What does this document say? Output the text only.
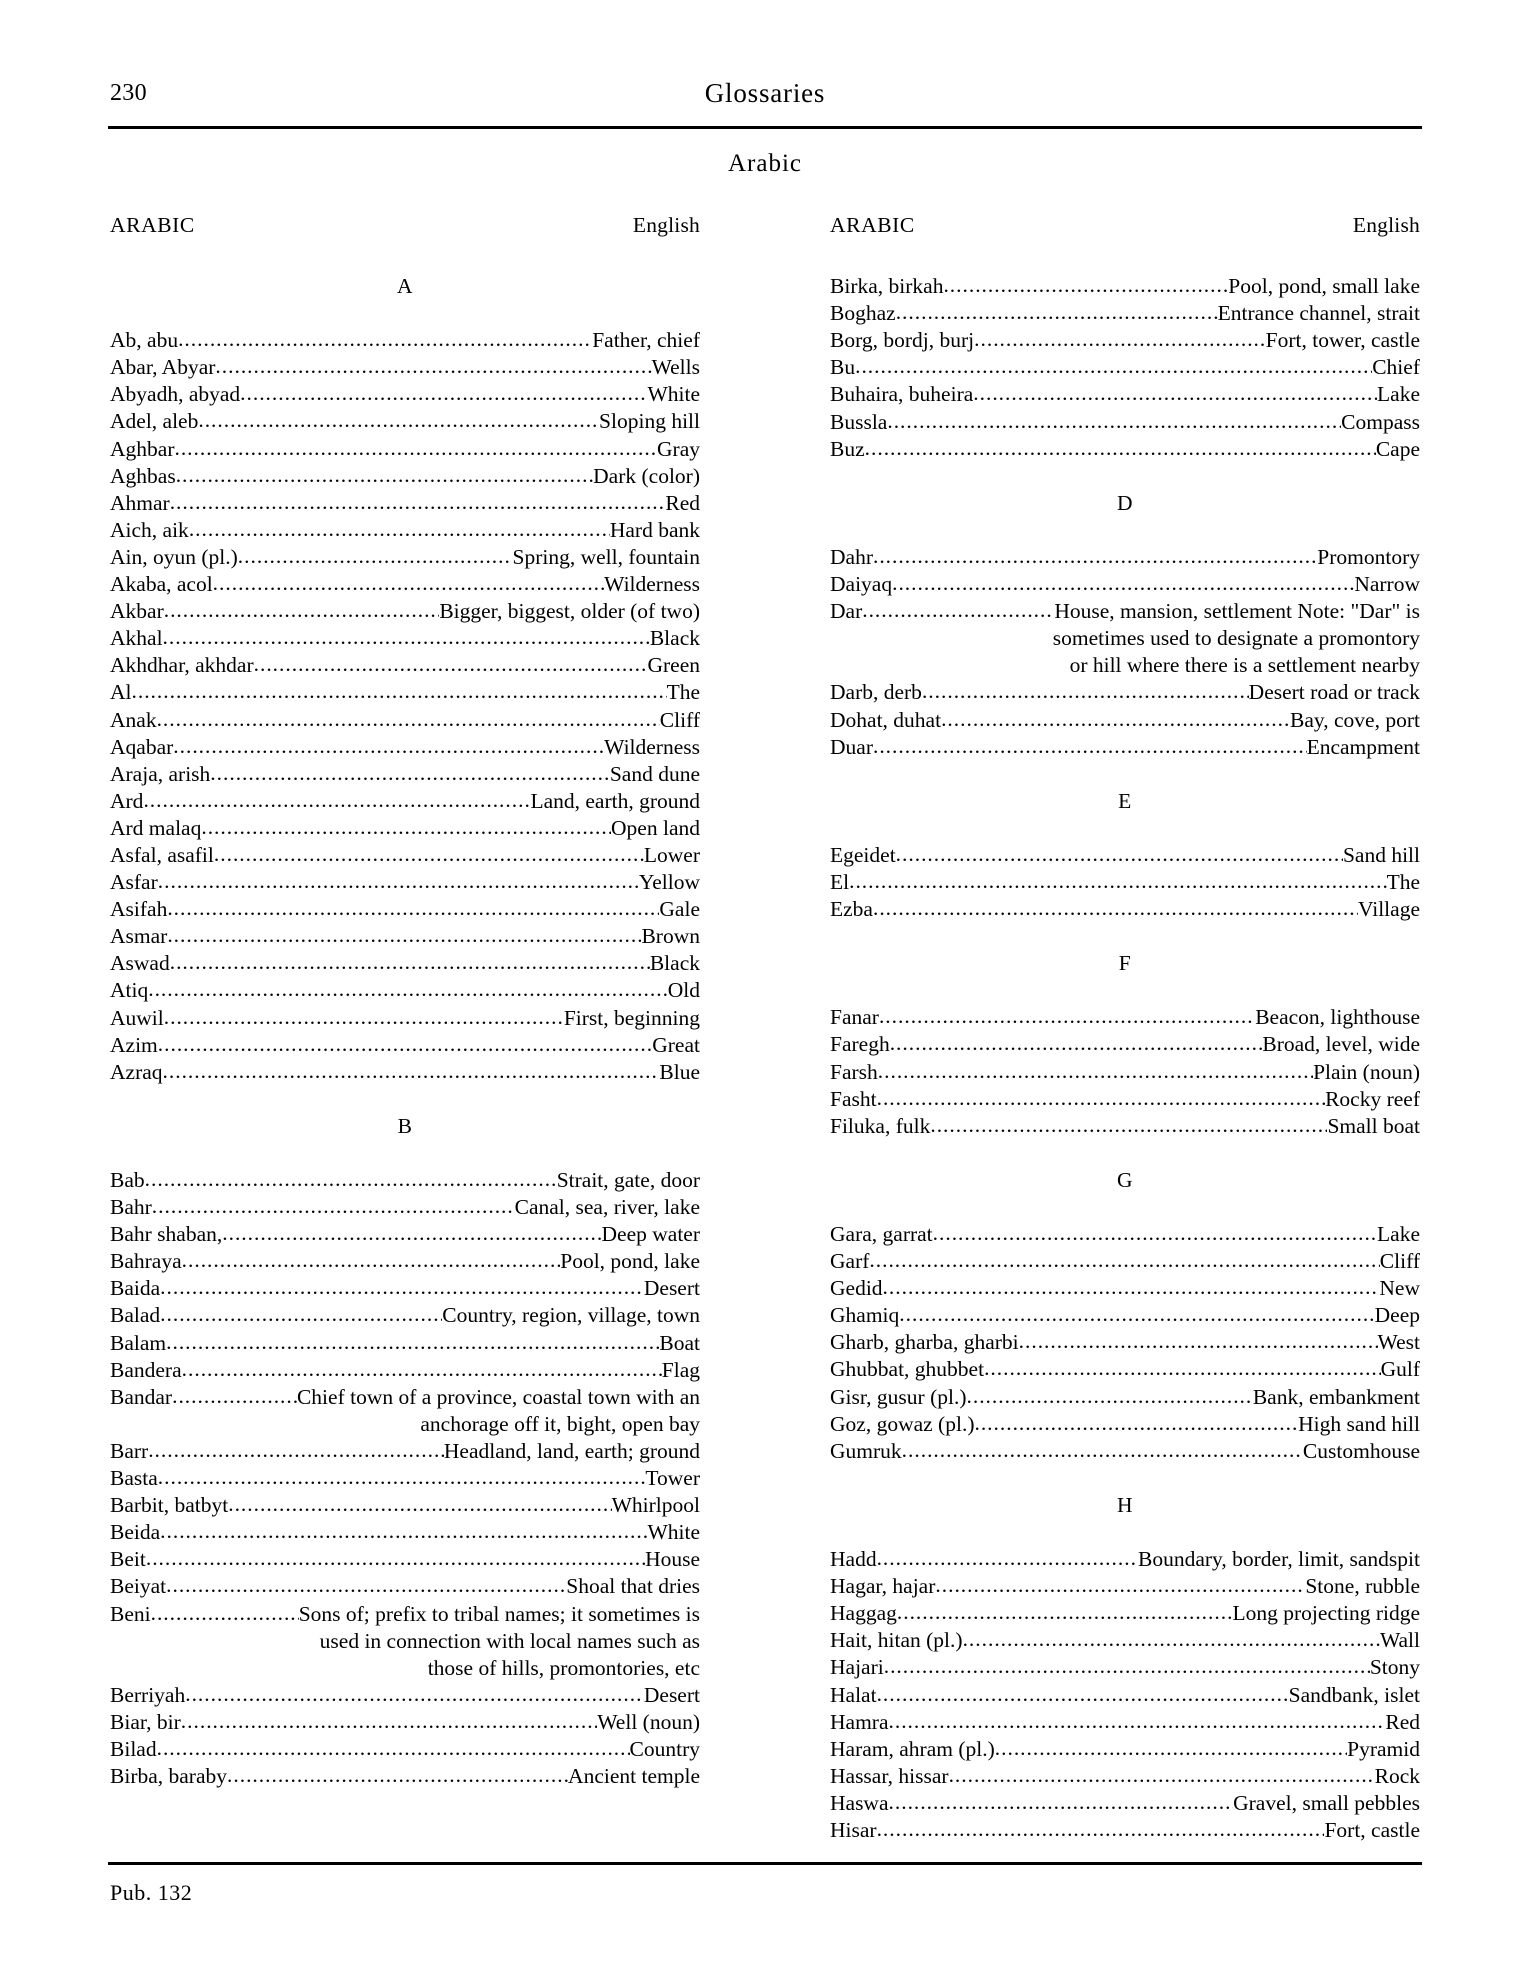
230	Glossaries
Arabic
ARABIC	English
A
Ab, abu . . .	Father, chief
Abar, Abyar . . .	Wells
Abyadh, abyad . . .	White
Adel, aleb . . .	Sloping hill
Aghbar . . .	Gray
Aghbas . . .	Dark (color)
Ahmar . . .	Red
Aich, aik . . .	Hard bank
Ain, oyun (pl.) . . .	Spring, well, fountain
Akaba, acol . . .	Wilderness
Akbar . . .	Bigger, biggest, older (of two)
Akhal . . .	Black
Akhdhar, akhdar . . .	Green
Al . . .	The
Anak . . .	Cliff
Aqabar . . .	Wilderness
Araja, arish . . .	Sand dune
Ard . . .	Land, earth, ground
Ard malaq . . .	Open land
Asfal, asafil . . .	Lower
Asfar . . .	Yellow
Asifah . . .	Gale
Asmar . . .	Brown
Aswad . . .	Black
Atiq . . .	Old
Auwil . . .	First, beginning
Azim . . .	Great
Azraq . . .	Blue
B
Bab . . .	Strait, gate, door
Bahr . . .	Canal, sea, river, lake
Bahr shaban, . . .	Deep water
Bahraya . . .	Pool, pond, lake
Baida . . .	Desert
Balad . . .	Country, region, village, town
Balam . . .	Boat
Bandera . . .	Flag
Bandar . . .	Chief town of a province, coastal town with an
anchorage off it, bight, open bay
Barr . . .	Headland, land, earth; ground
Basta . . .	Tower
Barbit, batbyt . . .	Whirlpool
Beida . . .	White
Beit . . .	House
Beiyat . . .	Shoal that dries
Beni . . .	Sons of; prefix to tribal names; it sometimes is
used in connection with local names such as
those of hills, promontories, etc
Berriyah . . .	Desert
Biar, bir . . .	Well (noun)
Bilad . . .	Country
Birba, baraby . . .	Ancient temple
ARABIC	English
Birka, birkah . . .	Pool, pond, small lake
Boghaz . . .	Entrance channel, strait
Borg, bordj, burj . . .	Fort, tower, castle
Bu . . .	Chief
Buhaira, buheira . . .	Lake
Bussla . . .	Compass
Buz . . .	Cape
D
Dahr . . .	Promontory
Daiyaq . . .	Narrow
Dar . . .	House, mansion, settlement Note: "Dar" is
sometimes used to designate a promontory
or hill where there is a settlement nearby
Darb, derb . . .	Desert road or track
Dohat, duhat . . .	Bay, cove, port
Duar . . .	Encampment
E
Egeidet . . .	Sand hill
El . . .	The
Ezba . . .	Village
F
Fanar . . .	Beacon, lighthouse
Faregh . . .	Broad, level, wide
Farsh . . .	Plain (noun)
Fasht . . .	Rocky reef
Filuka, fulk . . .	Small boat
G
Gara, garrat . . .	Lake
Garf . . .	Cliff
Gedid . . .	New
Ghamiq . . .	Deep
Gharb, gharba, gharbi . . .	West
Ghubbat, ghubbet . . .	Gulf
Gisr, gusur (pl.) . . .	Bank, embankment
Goz, gowaz (pl.) . . .	High sand hill
Gumruk . . .	Customhouse
H
Hadd . . .	Boundary, border, limit, sandspit
Hagar, hajar . . .	Stone, rubble
Haggag . . .	Long projecting ridge
Hait, hitan (pl.) . . .	Wall
Hajari . . .	Stony
Halat . . .	Sandbank, islet
Hamra . . .	Red
Haram, ahram (pl.) . . .	Pyramid
Hassar, hissar . . .	Rock
Haswa . . .	Gravel, small pebbles
Hisar . . .	Fort, castle
Pub. 132
